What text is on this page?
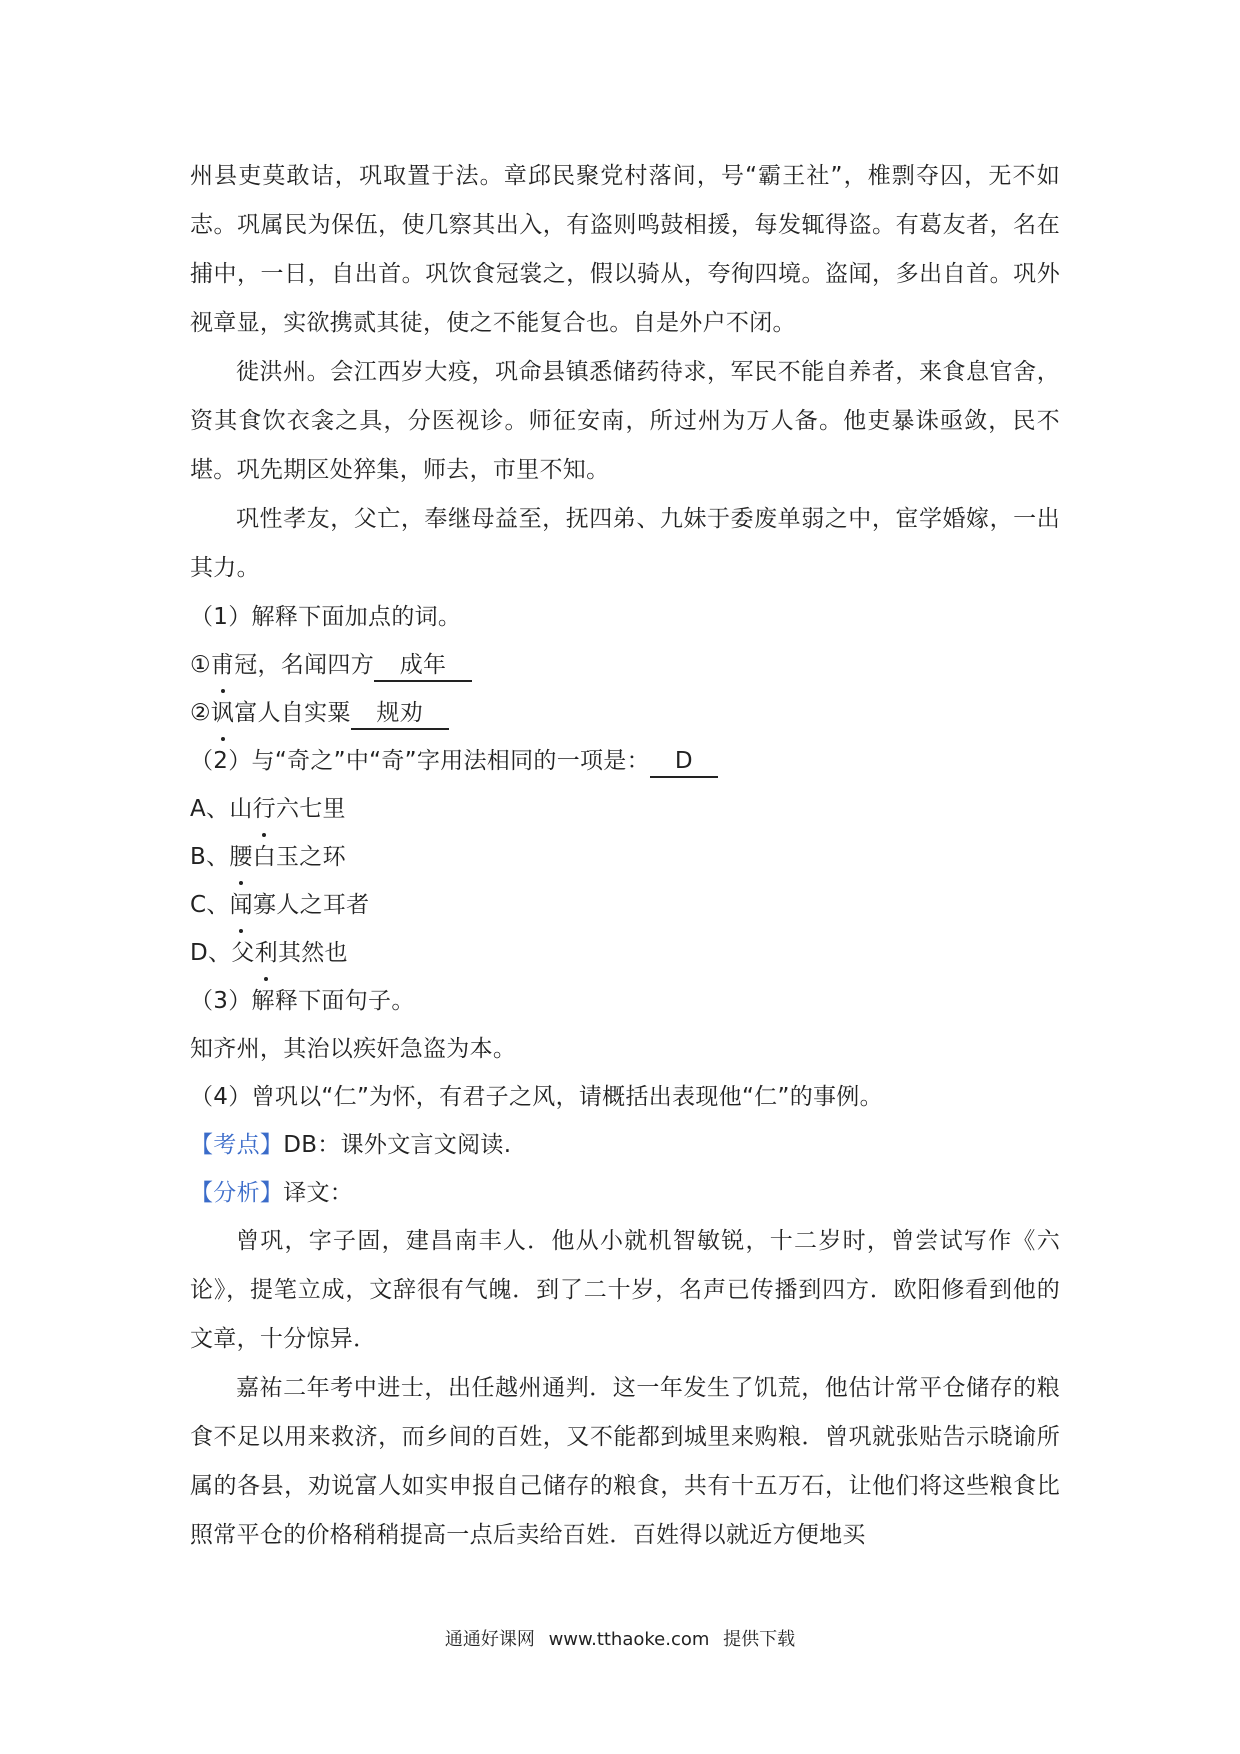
州县吏莫敢诘，巩取置于法。章邱民聚党村落间，号“霸王社”，椎剽夺囚，无不如志。巩属民为保伍，使几察其出入，有盗则鸣鼓相援，每发辄得盗。有葛友者，名在捕中，一日，自出首。巩饮食冠裳之，假以骑从，夸徇四境。盗闻，多出自首。巩外视章显，实欲携贰其徒，使之不能复合也。自是外户不闭。

徙洪州。会江西岁大疫，巩命县镇悉储药待求，军民不能自养者，来食息官舍，资其食饮衣衾之具，分医视诊。师征安南，所过州为万人备。他吏暴诛亟敛，民不堪。巩先期区处猝集，师去，市里不知。

巩性孝友，父亡，奉继母益至，抚四弟、九妹于委废单弱之中，宦学婚嫁，一出其力。

（1）解释下面加点的词。

①甫冠，名闻四方 成年

②讽富人自实粟 规劝

（2）与“奇之”中“奇”字用法相同的一项是： D

A、山行六七里

B、腰白玉之环

C、闻寡人之耳者

D、父利其然也

（3）解释下面句子。

知齐州，其治以疾奸急盗为本。

（4）曾巩以“仁”为怀，有君子之风，请概括出表现他“仁”的事例。

【考点】DB：课外文言文阅读.

【分析】译文：

曾巩，字子固，建昌南丰人．他从小就机智敏锐，十二岁时，曾尝试写作《六论》，提笔立成，文辞很有气魄．到了二十岁，名声已传播到四方．欧阳修看到他的文章，十分惊异．

嘉祐二年考中进士，出任越州通判．这一年发生了饥荒，他估计常平仓储存的粮食不足以用来救济，而乡间的百姓，又不能都到城里来购粮．曾巩就张贴告示晓谕所属的各县，劝说富人如实申报自己储存的粮食，共有十五万石，让他们将这些粮食比照常平仓的价格稍稍提高一点后卖给百姓．百姓得以就近方便地买

通通好课网 www.tthaoke.com 提供下载
